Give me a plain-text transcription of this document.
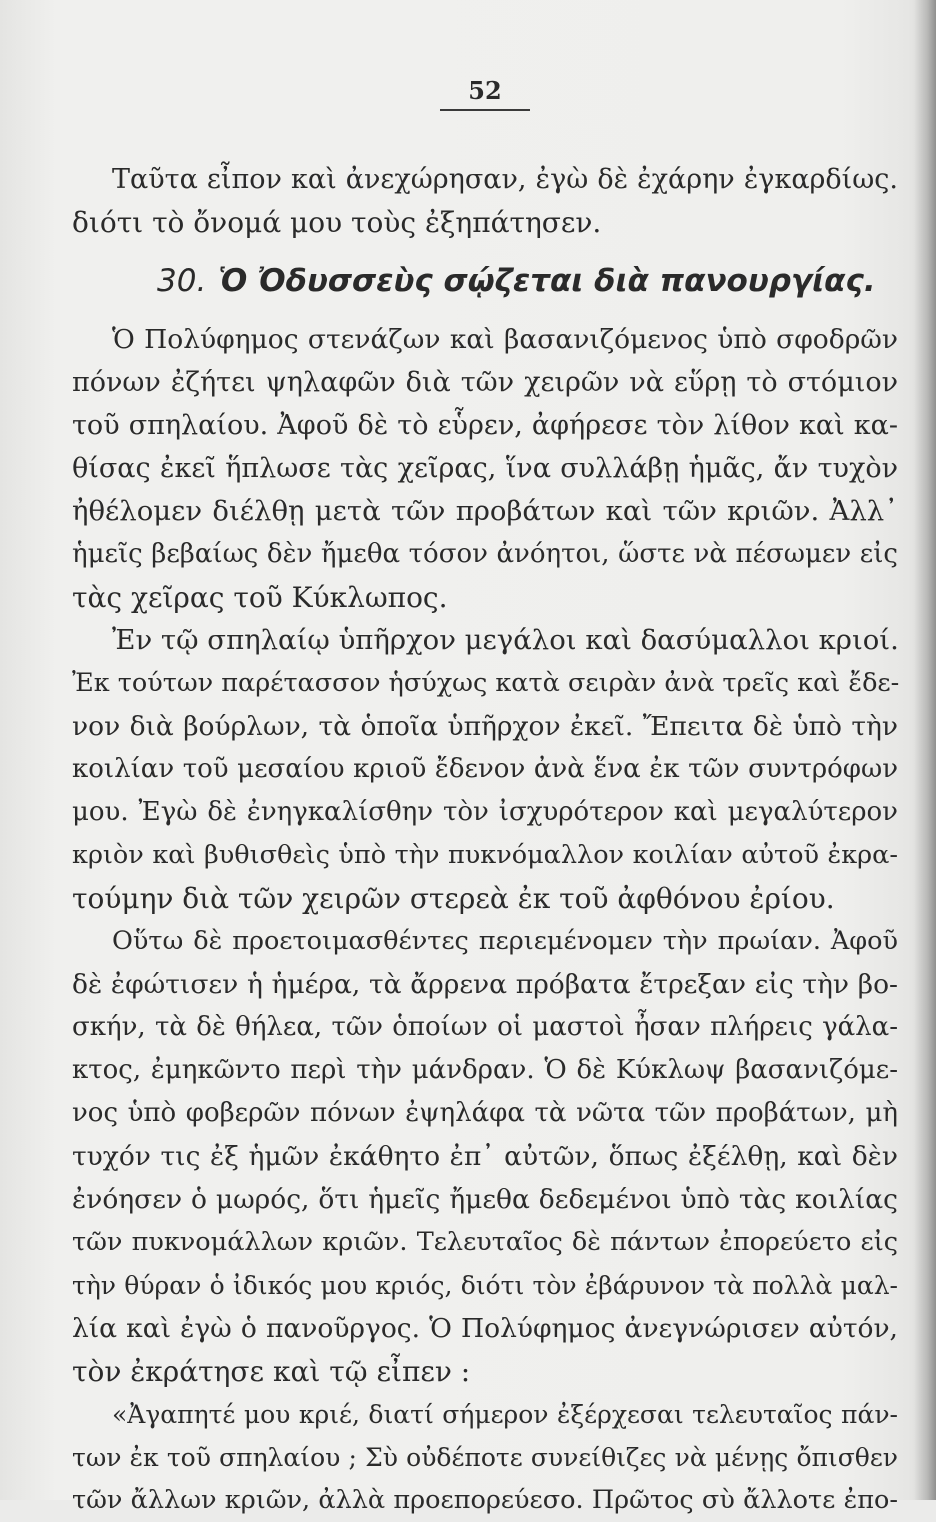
52
Ταῦτα εἶπον καὶ ἀνεχώρησαν, ἐγὼ δὲ ἐχάρην ἐγκαρδίως.
διότι τὸ ὄνομά μου τοὺς ἐξηπάτησεν.
30. Ὁ Ὀδυσσεὺς σῴζεται διὰ πανουργίας.
Ὁ Πολύφημος στενάζων καὶ βασανιζόμενος ὑπὸ σφοδρῶν
πόνων ἐζήτει ψηλαφῶν διὰ τῶν χειρῶν νὰ εὕρῃ τὸ στόμιον
τοῦ σπηλαίου. Ἀφοῦ δὲ τὸ εὗρεν, ἀφήρεσε τὸν λίθον καὶ κα-
θίσας ἐκεῖ ἥπλωσε τὰς χεῖρας, ἵνα συλλάβῃ ἡμᾶς, ἄν τυχὸν
ἠθέλομεν διέλθῃ μετὰ τῶν προβάτων καὶ τῶν κριῶν. Ἀλλ᾽
ἡμεῖς βεβαίως δὲν ἤμεθα τόσον ἀνόητοι, ὥστε νὰ πέσωμεν εἰς
τὰς χεῖρας τοῦ Κύκλωπος.
Ἐν τῷ σπηλαίῳ ὑπῆρχον μεγάλοι καὶ δασύμαλλοι κριοί.
Ἐκ τούτων παρέτασσον ἡσύχως κατὰ σειρὰν ἀνὰ τρεῖς καὶ ἔδε-
νον διὰ βούρλων, τὰ ὁποῖα ὑπῆρχον ἐκεῖ. Ἔπειτα δὲ ὑπὸ τὴν
κοιλίαν τοῦ μεσαίου κριοῦ ἔδενον ἀνὰ ἕνα ἐκ τῶν συντρόφων
μου. Ἐγὼ δὲ ἐνηγκαλίσθην τὸν ἰσχυρότερον καὶ μεγαλύτερον
κριὸν καὶ βυθισθεὶς ὑπὸ τὴν πυκνόμαλλον κοιλίαν αὐτοῦ ἐκρα-
τούμην διὰ τῶν χειρῶν στερεὰ ἐκ τοῦ ἀφθόνου ἐρίου.
Οὕτω δὲ προετοιμασθέντες περιεμένομεν τὴν πρωίαν. Ἀφοῦ
δὲ ἐφώτισεν ἡ ἡμέρα, τὰ ἄρρενα πρόβατα ἔτρεξαν εἰς τὴν βο-
σκήν, τὰ δὲ θήλεα, τῶν ὁποίων οἱ μαστοὶ ἦσαν πλήρεις γάλα-
κτος, ἐμηκῶντο περὶ τὴν μάνδραν. Ὁ δὲ Κύκλωψ βασανιζόμε-
νος ὑπὸ φοβερῶν πόνων ἐψηλάφα τὰ νῶτα τῶν προβάτων, μὴ
τυχόν τις ἐξ ἡμῶν ἐκάθητο ἐπ᾽ αὐτῶν, ὅπως ἐξέλθῃ, καὶ δὲν
ἐνόησεν ὁ μωρός, ὅτι ἡμεῖς ἤμεθα δεδεμένοι ὑπὸ τὰς κοιλίας
τῶν πυκνομάλλων κριῶν. Τελευταῖος δὲ πάντων ἐπορεύετο εἰς
τὴν θύραν ὁ ἰδικός μου κριός, διότι τὸν ἐβάρυνον τὰ πολλὰ μαλ-
λία καὶ ἐγὼ ὁ πανοῦργος. Ὁ Πολύφημος ἀνεγνώρισεν αὐτόν,
τὸν ἐκράτησε καὶ τῷ εἶπεν :
«Ἀγαπητέ μου κριέ, διατί σήμερον ἐξέρχεσαι τελευταῖος πάν-
των ἐκ τοῦ σπηλαίου ; Σὺ οὐδέποτε συνείθιζες νὰ μένῃς ὄπισθεν
τῶν ἄλλων κριῶν, ἀλλὰ προεπορεύεσο. Πρῶτος σὺ ἄλλοτε ἐπο-
